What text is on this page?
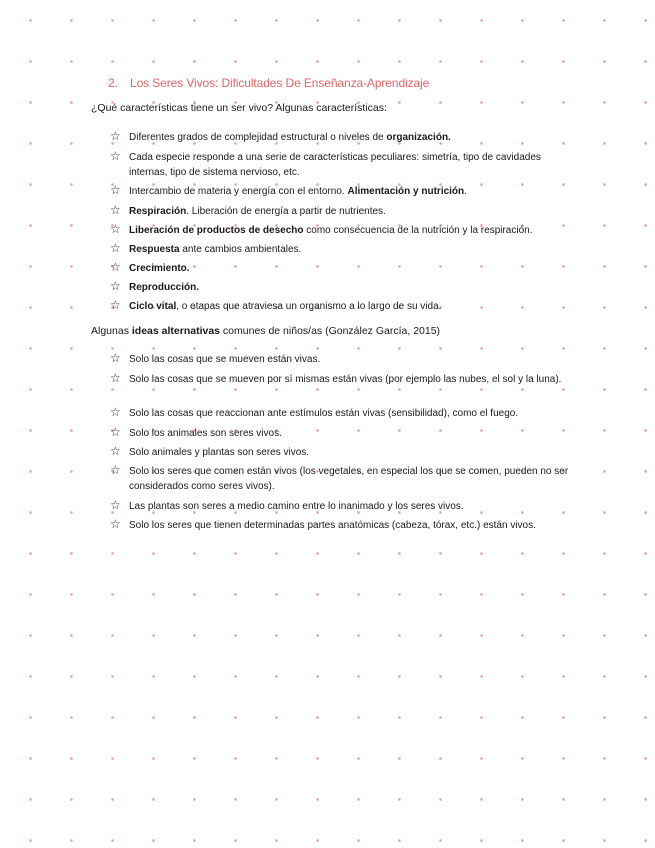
2. Los Seres Vivos: Dificultades De Enseñanza-Aprendizaje
¿Qué características tiene un ser vivo? Algunas características:
☆ Diferentes grados de complejidad estructural o niveles de organización.
☆ Cada especie responde a una serie de características peculiares: simetría, tipo de cavidades internas, tipo de sistema nervioso, etc.
☆ Intercambio de materia y energía con el entorno. Alimentación y nutrición.
☆ Respiración. Liberación de energía a partir de nutrientes.
☆ Liberación de productos de desecho como consecuencia de la nutrición y la respiración.
☆ Respuesta ante cambios ambientales.
☆ Crecimiento.
☆ Reproducción.
☆ Ciclo vital, o etapas que atraviesa un organismo a lo largo de su vida.
Algunas ideas alternativas comunes de niños/as (González García, 2015)
☆ Solo las cosas que se mueven están vivas.
☆ Solo las cosas que se mueven por sí mismas están vivas (por ejemplo las nubes, el sol y la luna).
☆ Solo las cosas que reaccionan ante estímulos están vivas (sensibilidad), como el fuego.
☆ Solo los animales son seres vivos.
☆ Solo animales y plantas son seres vivos.
☆ Solo los seres que comen están vivos (los vegetales, en especial los que se comen, pueden no ser considerados como seres vivos).
☆ Las plantas son seres a medio camino entre lo inanimado y los seres vivos.
☆ Solo los seres que tienen determinadas partes anatómicas (cabeza, tórax, etc.) están vivos.
